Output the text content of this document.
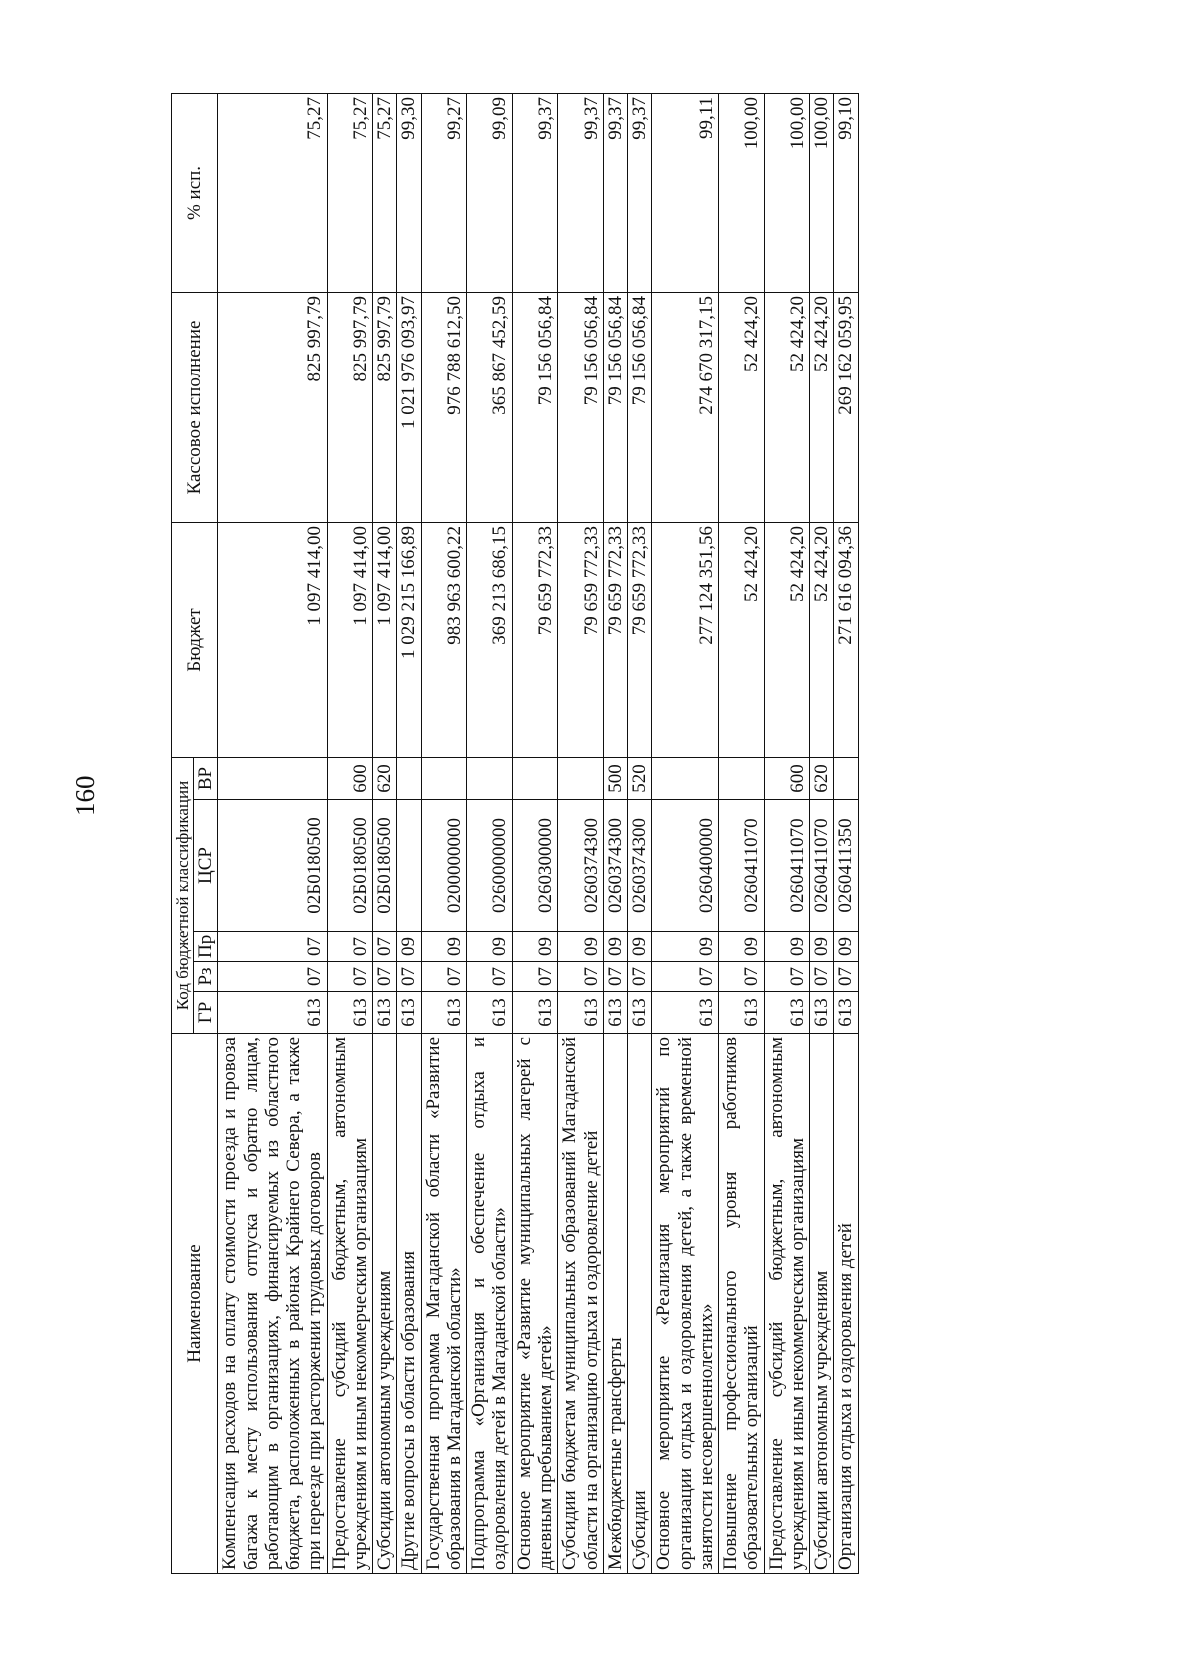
160
Наименование	Код бюджетной классификации					Бюджет	Кассовое исполнение	% исп.
	ГР	Рз	Пр	ЦСР	ВР			
Компенсация расходов на оплату стоимости проезда и провоза багажа к месту использования отпуска и обратно лицам, работающим в организациях, финансируемых из областного бюджета, расположенных в районах Крайнего Севера, а также при переезде при расторжении трудовых договоров	613	07	07	02Б0180500		1 097 414,00	825 997,79	75,27
Предоставление субсидий бюджетным, автономным учреждениям и иным некоммерческим организациям	613	07	07	02Б0180500	600	1 097 414,00	825 997,79	75,27
Субсидии автономным учреждениям	613	07	07	02Б0180500	620	1 097 414,00	825 997,79	75,27
Другие вопросы в области образования	613	07	09			1 029 215 166,89	1 021 976 093,97	99,30
Государственная программа Магаданской области «Развитие образования в Магаданской области»	613	07	09	0200000000		983 963 600,22	976 788 612,50	99,27
Подпрограмма «Организация и обеспечение отдыха и оздоровления детей в Магаданской области»	613	07	09	0260000000		369 213 686,15	365 867 452,59	99,09
Основное мероприятие «Развитие муниципальных лагерей с дневным пребыванием детей»	613	07	09	0260300000		79 659 772,33	79 156 056,84	99,37
Субсидии бюджетам муниципальных образований Магаданской области на организацию отдыха и оздоровление детей	613	07	09	0260374300		79 659 772,33	79 156 056,84	99,37
Межбюджетные трансферты	613	07	09	0260374300	500	79 659 772,33	79 156 056,84	99,37
Субсидии	613	07	09	0260374300	520	79 659 772,33	79 156 056,84	99,37
Основное мероприятие «Реализация мероприятий по организации отдыха и оздоровления детей, а также временной занятости несовершеннолетних»	613	07	09	0260400000		277 124 351,56	274 670 317,15	99,11
Повышение профессионального уровня работников образовательных организаций	613	07	09	0260411070		52 424,20	52 424,20	100,00
Предоставление субсидий бюджетным, автономным учреждениям и иным некоммерческим организациям	613	07	09	0260411070	600	52 424,20	52 424,20	100,00
Субсидии автономным учреждениям	613	07	09	0260411070	620	52 424,20	52 424,20	100,00
Организация отдыха и оздоровления детей	613	07	09	0260411350		271 616 094,36	269 162 059,95	99,10
